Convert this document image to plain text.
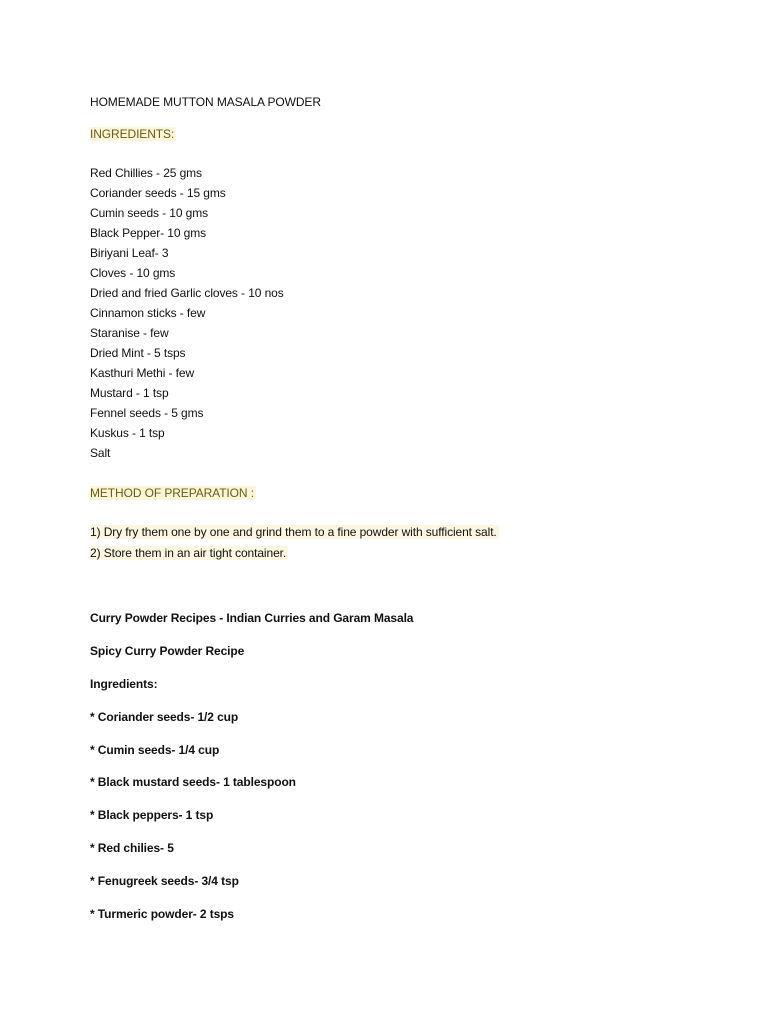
HOMEMADE MUTTON MASALA POWDER
INGREDIENTS:
Red Chillies - 25 gms
Coriander seeds - 15 gms
Cumin seeds - 10 gms
Black Pepper- 10 gms
Biriyani Leaf- 3
Cloves - 10 gms
Dried and fried Garlic cloves - 10 nos
Cinnamon sticks - few
Staranise - few
Dried Mint - 5 tsps
Kasthuri Methi - few
Mustard - 1 tsp
Fennel seeds - 5 gms
Kuskus - 1 tsp
Salt
METHOD OF PREPARATION :
1) Dry fry them one by one and grind them to a fine powder with sufficient salt.
2) Store them in an air tight container.
Curry Powder Recipes - Indian Curries and Garam Masala
Spicy Curry Powder Recipe
Ingredients:
* Coriander seeds- 1/2 cup
* Cumin seeds- 1/4 cup
* Black mustard seeds- 1 tablespoon
* Black peppers- 1 tsp
* Red chilies- 5
* Fenugreek seeds- 3/4 tsp
* Turmeric powder- 2 tsps
